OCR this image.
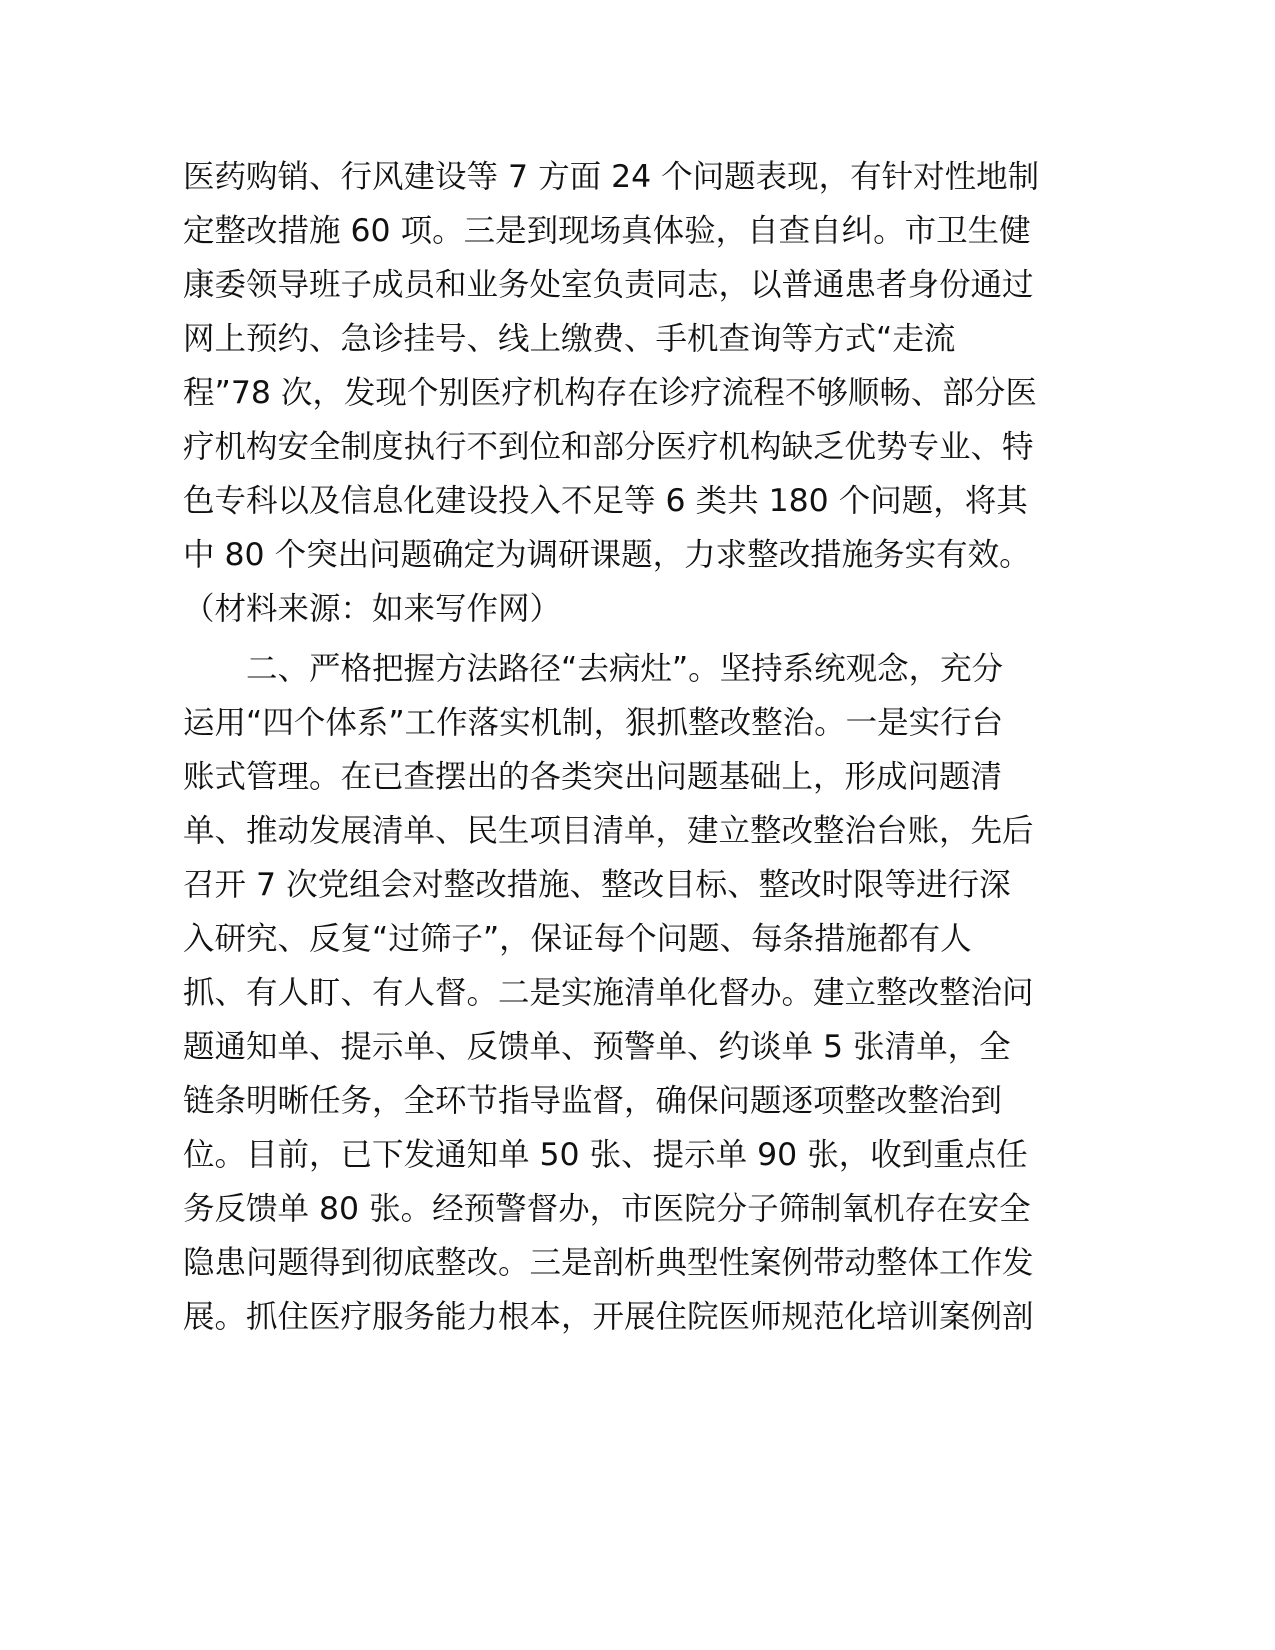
医药购销、行风建设等 7 方面 24 个问题表现，有针对性地制
定整改措施 60 项。三是到现场真体验，自查自纠。市卫生健
康委领导班子成员和业务处室负责同志，以普通患者身份通过
网上预约、急诊挂号、线上缴费、手机查询等方式“走流
程”78 次，发现个别医疗机构存在诊疗流程不够顺畅、部分医
疗机构安全制度执行不到位和部分医疗机构缺乏优势专业、特
色专科以及信息化建设投入不足等 6 类共 180 个问题，将其
中 80 个突出问题确定为调研课题，力求整改措施务实有效。
（材料来源：如来写作网）
二、严格把握方法路径“去病灶”。坚持系统观念，充分
运用“四个体系”工作落实机制，狠抓整改整治。一是实行台
账式管理。在已查摆出的各类突出问题基础上，形成问题清
单、推动发展清单、民生项目清单，建立整改整治台账，先后
召开 7 次党组会对整改措施、整改目标、整改时限等进行深
入研究、反复“过筛子”，保证每个问题、每条措施都有人
抓、有人盯、有人督。二是实施清单化督办。建立整改整治问
题通知单、提示单、反馈单、预警单、约谈单 5 张清单，全
链条明晰任务，全环节指导监督，确保问题逐项整改整治到
位。目前，已下发通知单 50 张、提示单 90 张，收到重点任
务反馈单 80 张。经预警督办，市医院分子筛制氧机存在安全
隐患问题得到彻底整改。三是剖析典型性案例带动整体工作发
展。抓住医疗服务能力根本，开展住院医师规范化培训案例剖
